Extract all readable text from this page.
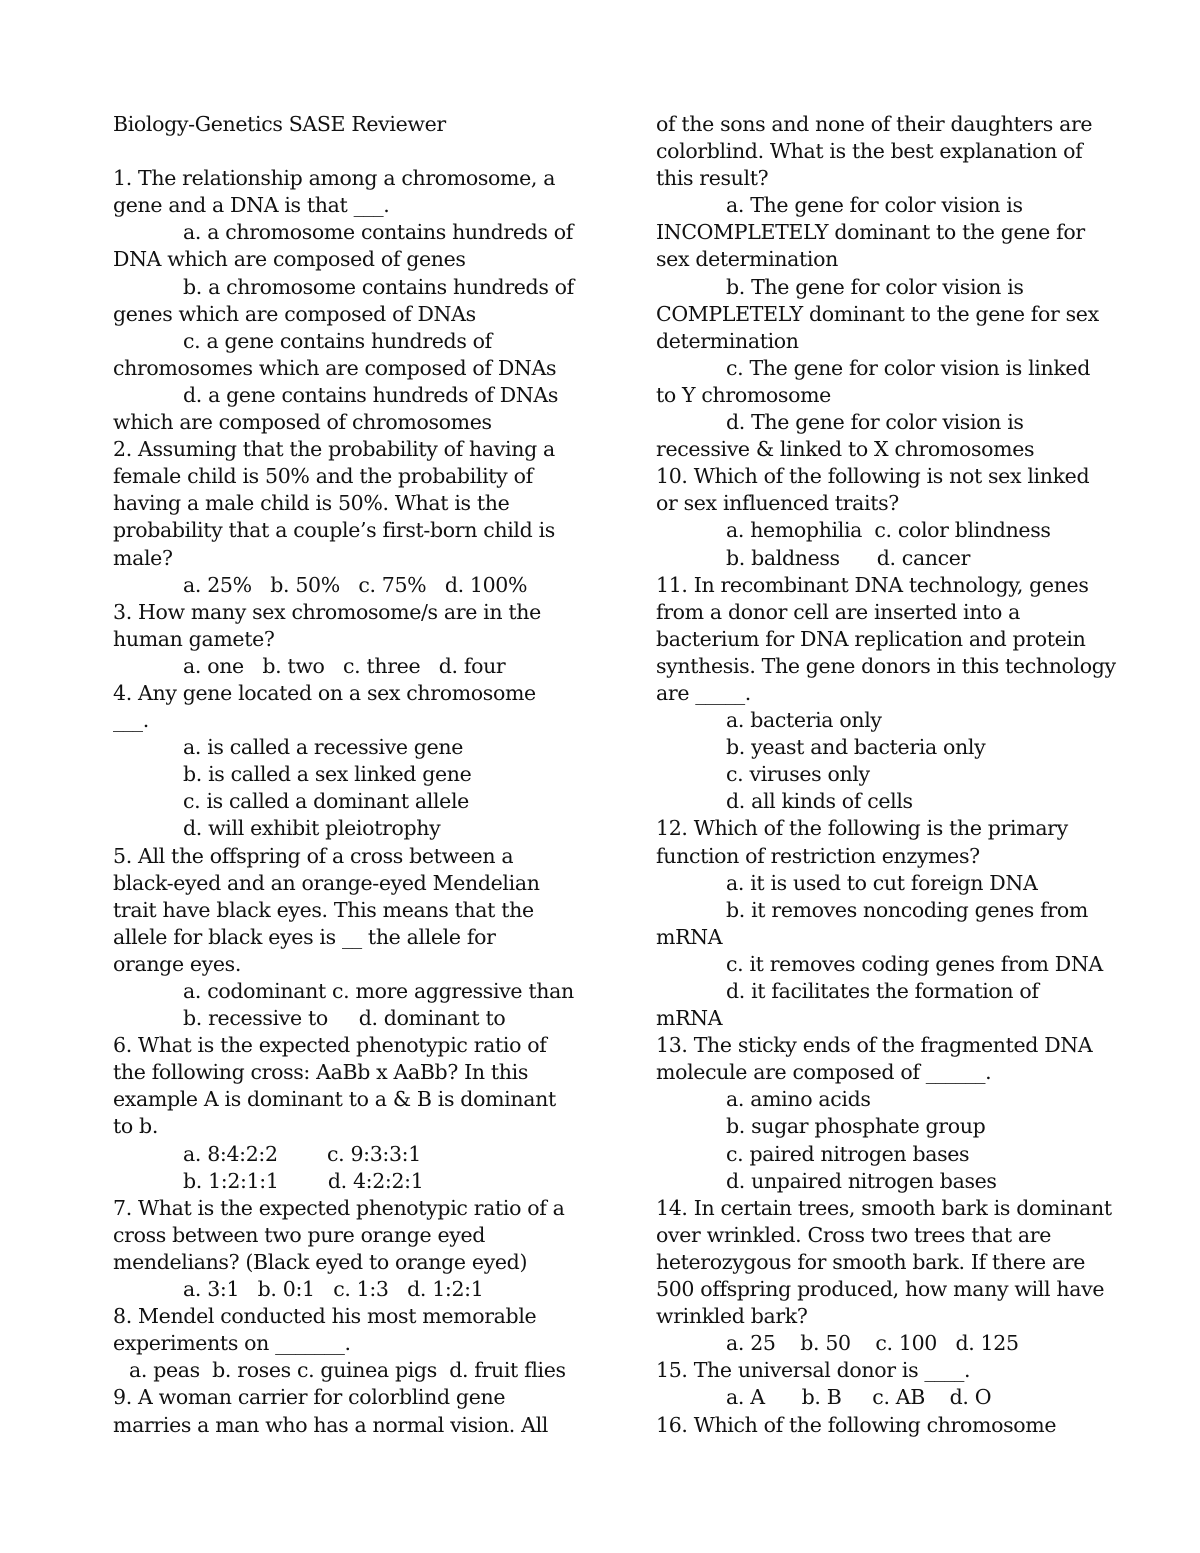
Biology-Genetics SASE Reviewer
1. The relationship among a chromosome, a
gene and a DNA is that ___.
a. a chromosome contains hundreds of
DNA which are composed of genes
b. a chromosome contains hundreds of
genes which are composed of DNAs
c. a gene contains hundreds of
chromosomes which are composed of DNAs
d. a gene contains hundreds of DNAs
which are composed of chromosomes
2. Assuming that the probability of having a
female child is 50% and the probability of
having a male child is 50%. What is the
probability that a couple’s first-born child is
male?
a. 25%   b. 50%   c. 75%   d. 100%
3. How many sex chromosome/s are in the
human gamete?
a. one   b. two   c. three   d. four
4. Any gene located on a sex chromosome
___.
a. is called a recessive gene
b. is called a sex linked gene
c. is called a dominant allele
d. will exhibit pleiotrophy
5. All the offspring of a cross between a
black-eyed and an orange-eyed Mendelian
trait have black eyes. This means that the
allele for black eyes is __ the allele for
orange eyes.
a. codominant c. more aggressive than
b. recessive to     d. dominant to
6. What is the expected phenotypic ratio of
the following cross: AaBb x AaBb? In this
example A is dominant to a & B is dominant
to b.
a. 8:4:2:2        c. 9:3:3:1
b. 1:2:1:1        d. 4:2:2:1
7. What is the expected phenotypic ratio of a
cross between two pure orange eyed
mendelians? (Black eyed to orange eyed)
a. 3:1   b. 0:1   c. 1:3   d. 1:2:1
8. Mendel conducted his most memorable
experiments on _______.
a. peas  b. roses c. guinea pigs  d. fruit flies
9. A woman carrier for colorblind gene
marries a man who has a normal vision. All
of the sons and none of their daughters are
colorblind. What is the best explanation of
this result?
a. The gene for color vision is
INCOMPLETELY dominant to the gene for
sex determination
b. The gene for color vision is
COMPLETELY dominant to the gene for sex
determination
c. The gene for color vision is linked
to Y chromosome
d. The gene for color vision is
recessive & linked to X chromosomes
10. Which of the following is not sex linked
or sex influenced traits?
a. hemophilia  c. color blindness
b. baldness      d. cancer
11. In recombinant DNA technology, genes
from a donor cell are inserted into a
bacterium for DNA replication and protein
synthesis. The gene donors in this technology
are _____.
a. bacteria only
b. yeast and bacteria only
c. viruses only
d. all kinds of cells
12. Which of the following is the primary
function of restriction enzymes?
a. it is used to cut foreign DNA
b. it removes noncoding genes from
mRNA
c. it removes coding genes from DNA
d. it facilitates the formation of
mRNA
13. The sticky ends of the fragmented DNA
molecule are composed of ______.
a. amino acids
b. sugar phosphate group
c. paired nitrogen bases
d. unpaired nitrogen bases
14. In certain trees, smooth bark is dominant
over wrinkled. Cross two trees that are
heterozygous for smooth bark. If there are
500 offspring produced, how many will have
wrinkled bark?
a. 25    b. 50    c. 100   d. 125
15. The universal donor is ____.
a. A      b. B     c. AB    d. O
16. Which of the following chromosome
